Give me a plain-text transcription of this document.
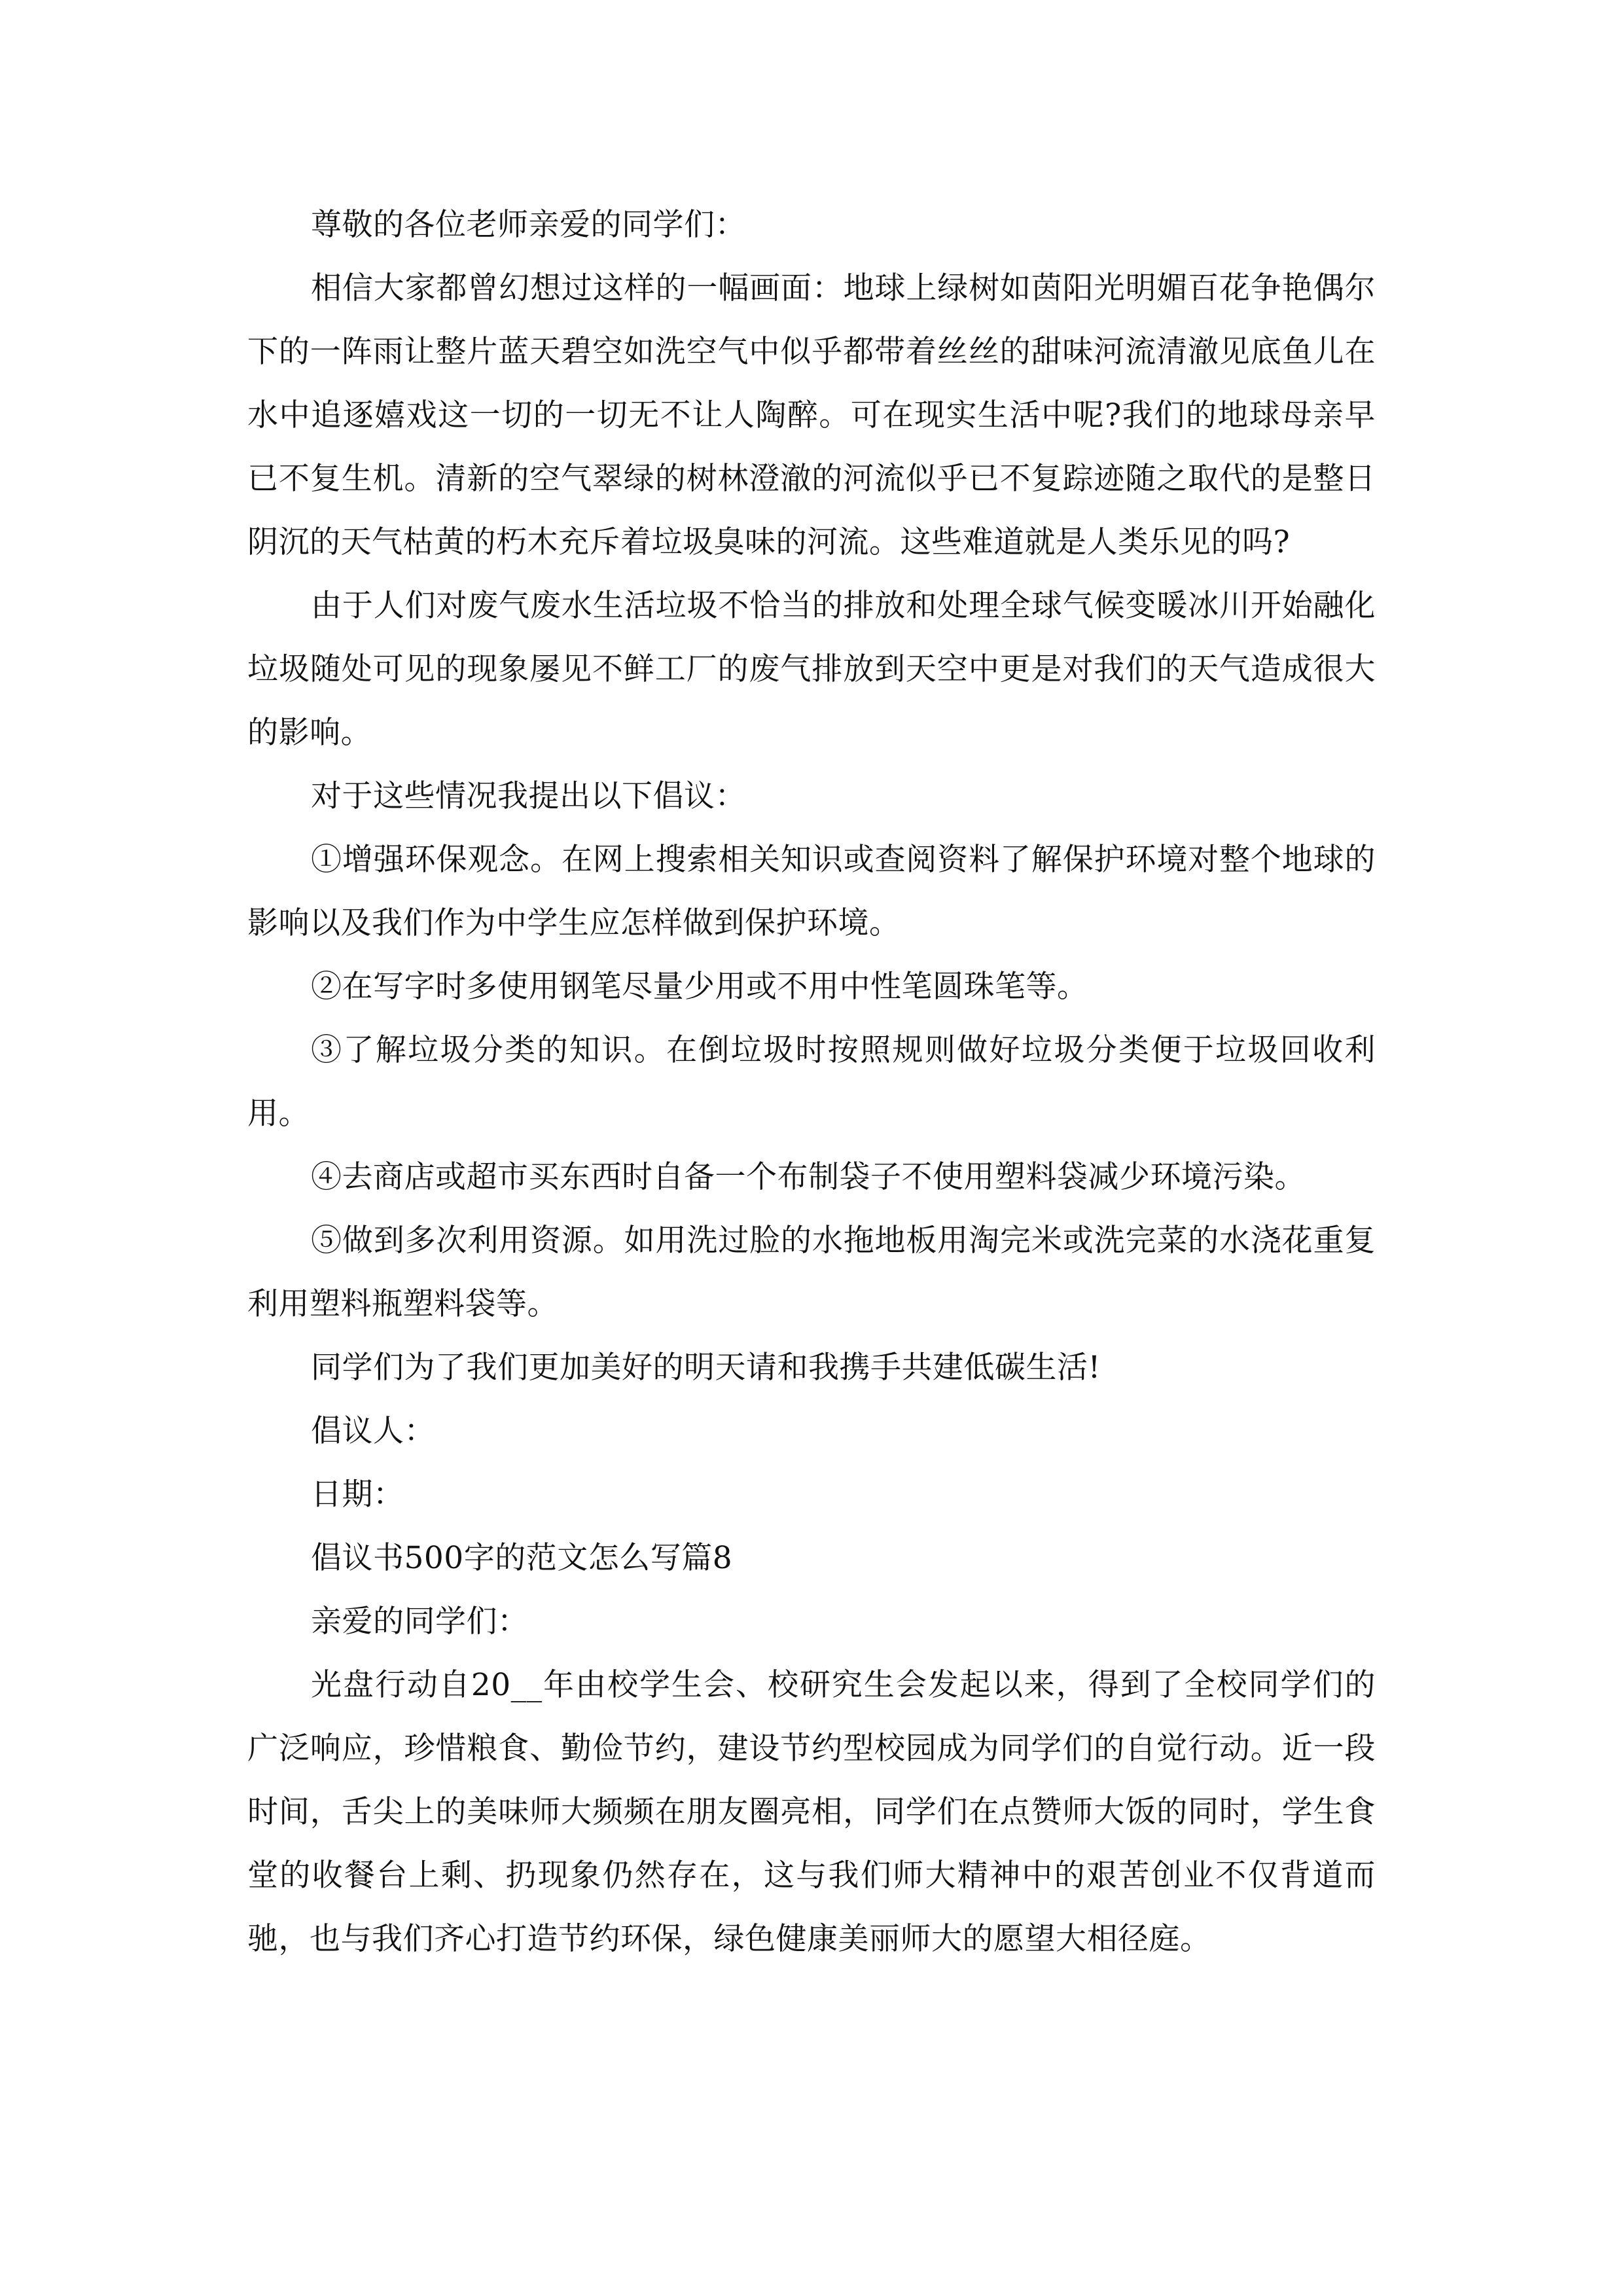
尊敬的各位老师亲爱的同学们：

相信大家都曾幻想过这样的一幅画面：地球上绿树如茵阳光明媚百花争艳偶尔下的一阵雨让整片蓝天碧空如洗空气中似乎都带着丝丝的甜味河流清澈见底鱼儿在水中追逐嬉戏这一切的一切无不让人陶醉。可在现实生活中呢?我们的地球母亲早已不复生机。清新的空气翠绿的树林澄澈的河流似乎已不复踪迹随之取代的是整日阴沉的天气枯黄的朽木充斥着垃圾臭味的河流。这些难道就是人类乐见的吗?

由于人们对废气废水生活垃圾不恰当的排放和处理全球气候变暖冰川开始融化垃圾随处可见的现象屡见不鲜工厂的废气排放到天空中更是对我们的天气造成很大的影响。

对于这些情况我提出以下倡议：

①增强环保观念。在网上搜索相关知识或查阅资料了解保护环境对整个地球的影响以及我们作为中学生应怎样做到保护环境。

②在写字时多使用钢笔尽量少用或不用中性笔圆珠笔等。

③了解垃圾分类的知识。在倒垃圾时按照规则做好垃圾分类便于垃圾回收利用。

④去商店或超市买东西时自备一个布制袋子不使用塑料袋减少环境污染。

⑤做到多次利用资源。如用洗过脸的水拖地板用淘完米或洗完菜的水浇花重复利用塑料瓶塑料袋等。

同学们为了我们更加美好的明天请和我携手共建低碳生活!

倡议人：

日期：

倡议书500字的范文怎么写篇8

亲爱的同学们：

光盘行动自20__年由校学生会、校研究生会发起以来，得到了全校同学们的广泛响应，珍惜粮食、勤俭节约，建设节约型校园成为同学们的自觉行动。近一段时间，舌尖上的美味师大频频在朋友圈亮相，同学们在点赞师大饭的同时，学生食堂的收餐台上剩、扔现象仍然存在，这与我们师大精神中的艰苦创业不仅背道而驰，也与我们齐心打造节约环保，绿色健康美丽师大的愿望大相径庭。
